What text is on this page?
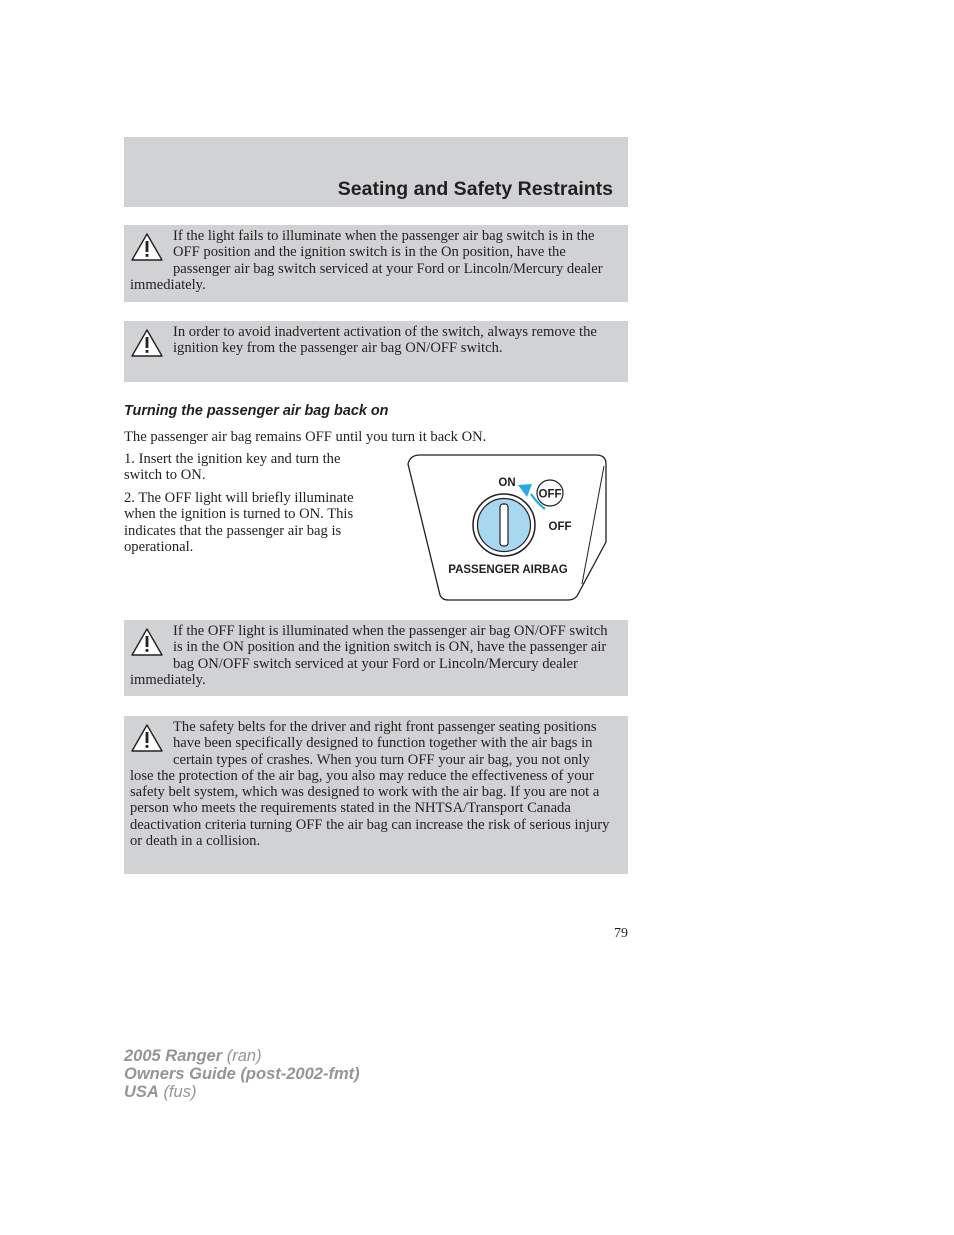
Seating and Safety Restraints
If the light fails to illuminate when the passenger air bag switch is in the OFF position and the ignition switch is in the On position, have the passenger air bag switch serviced at your Ford or Lincoln/Mercury dealer immediately.
In order to avoid inadvertent activation of the switch, always remove the ignition key from the passenger air bag ON/OFF switch.
Turning the passenger air bag back on
The passenger air bag remains OFF until you turn it back ON.
1. Insert the ignition key and turn the switch to ON.
2. The OFF light will briefly illuminate when the ignition is turned to ON. This indicates that the passenger air bag is operational.
OFF
ON
OFF
PASSENGER AIRBAG
If the OFF light is illuminated when the passenger air bag ON/OFF switch is in the ON position and the ignition switch is ON, have the passenger air bag ON/OFF switch serviced at your Ford or Lincoln/Mercury dealer immediately.
The safety belts for the driver and right front passenger seating positions have been specifically designed to function together with the air bags in certain types of crashes. When you turn OFF your air bag, you not only lose the protection of the air bag, you also may reduce the effectiveness of your safety belt system, which was designed to work with the air bag. If you are not a person who meets the requirements stated in the NHTSA/Transport Canada deactivation criteria turning OFF the air bag can increase the risk of serious injury or death in a collision.
79
2005 Ranger (ran)
Owners Guide (post-2002-fmt)
USA (fus)
